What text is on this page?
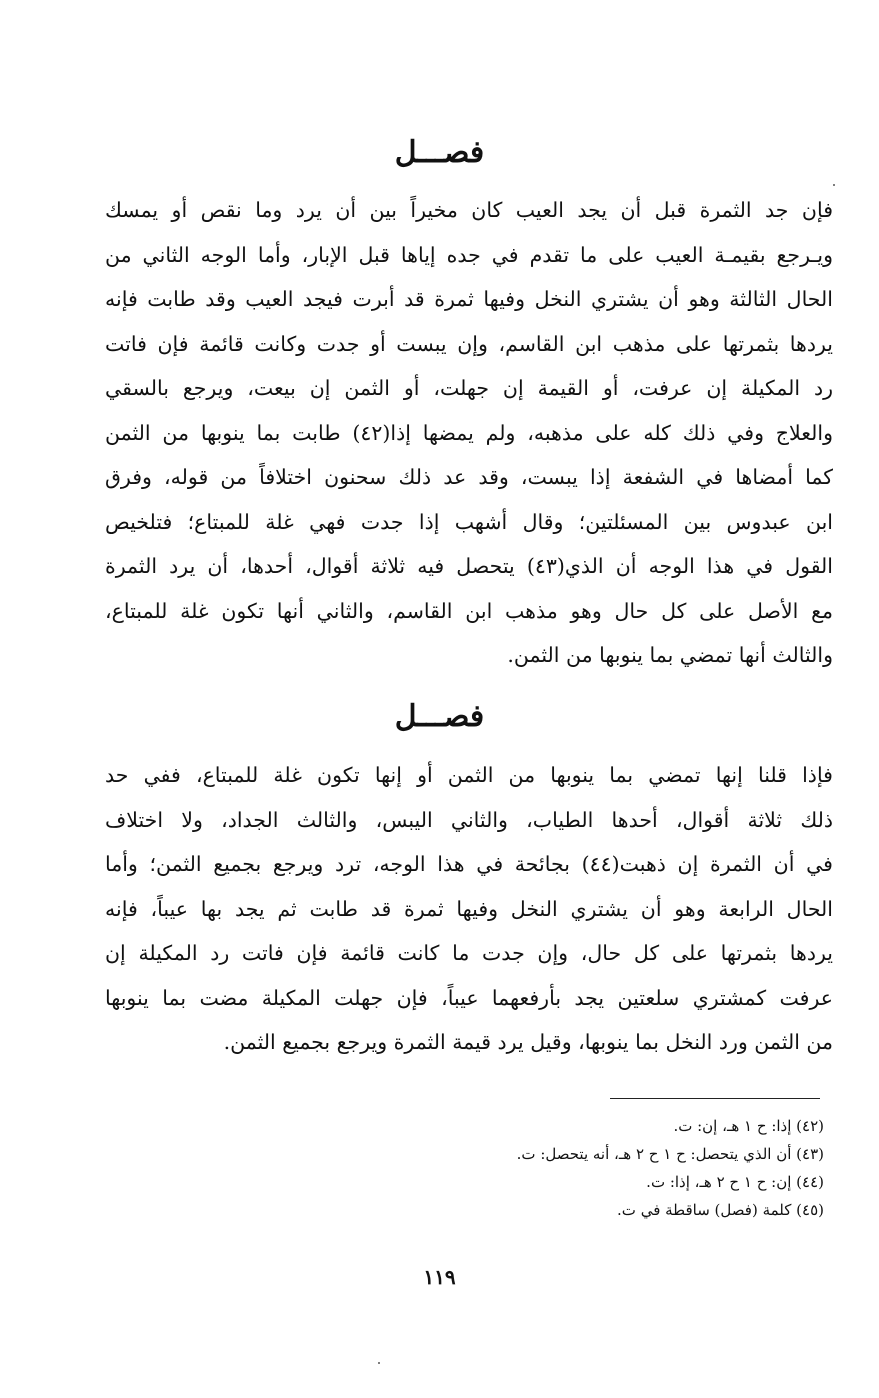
فصـــل
فإن جد الثمرة قبل أن يجد العيب كان مخيراً بين أن يرد وما نقص أو يمسك
ويـرجع بقيمـة العيب على ما تقدم في جده إياها قبل الإبار، وأما الوجه الثاني من
الحال الثالثة وهو أن يشتري النخل وفيها ثمرة قد أبرت فيجد العيب وقد طابت فإنه
يردها بثمرتها على مذهب ابن القاسم، وإن يبست أو جدت وكانت قائمة فإن فاتت
رد المكيلة إن عرفت، أو القيمة إن جهلت، أو الثمن إن بيعت، ويرجع بالسقي
والعلاج وفي ذلك كله على مذهبه، ولم يمضها إذا(٤٢) طابت بما ينوبها من الثمن
كما أمضاها في الشفعة إذا يبست، وقد عد ذلك سحنون اختلافاً من قوله، وفرق
ابن عبدوس بين المسئلتين؛ وقال أشهب إذا جدت فهي غلة للمبتاع؛ فتلخيص
القول في هذا الوجه أن الذي(٤٣) يتحصل فيه ثلاثة أقوال، أحدها، أن يرد الثمرة
مع الأصل على كل حال وهو مذهب ابن القاسم، والثاني أنها تكون غلة للمبتاع،
والثالث أنها تمضي بما ينوبها من الثمن.
فصـــل
فإذا قلنا إنها تمضي بما ينوبها من الثمن أو إنها تكون غلة للمبتاع، ففي حد
ذلك ثلاثة أقوال، أحدها الطياب، والثاني اليبس، والثالث الجداد، ولا اختلاف
في أن الثمرة إن ذهبت(٤٤) بجائحة في هذا الوجه، ترد ويرجع بجميع الثمن؛ وأما
الحال الرابعة وهو أن يشتري النخل وفيها ثمرة قد طابت ثم يجد بها عيباً، فإنه
يردها بثمرتها على كل حال، وإن جدت ما كانت قائمة فإن فاتت رد المكيلة إن
عرفت كمشتري سلعتين يجد بأرفعهما عيباً، فإن جهلت المكيلة مضت بما ينوبها
من الثمن ورد النخل بما ينوبها، وقيل يرد قيمة الثمرة ويرجع بجميع الثمن.
(٤٢) إذا: ح ١ هـ، إن: ت.
(٤٣) أن الذي يتحصل: ح ١ ح ٢ هـ، أنه يتحصل: ت.
(٤٤) إن: ح ١ ح ٢ هـ، إذا: ت.
(٤٥) كلمة (فصل) ساقطة في ت.
١١٩
